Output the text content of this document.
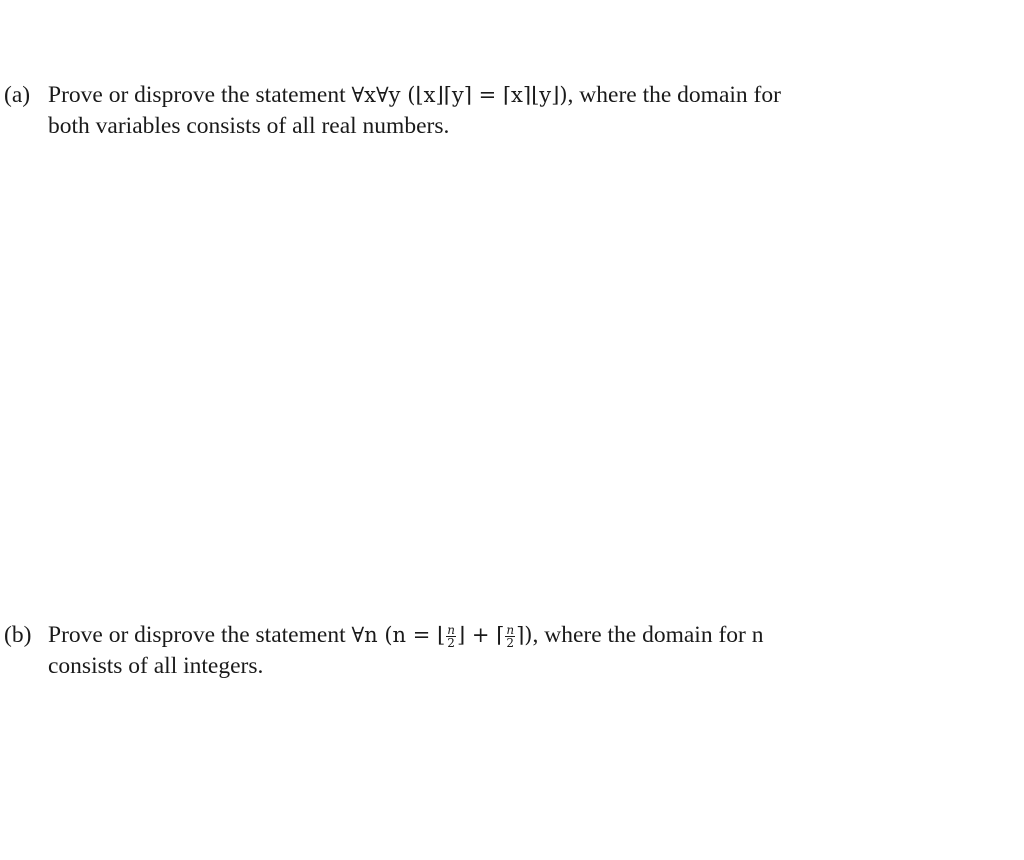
(a) Prove or disprove the statement ∀x∀y (⌊x⌋⌈y⌉ = ⌈x⌉⌊y⌋), where the domain for
both variables consists of all real numbers.
(b) Prove or disprove the statement ∀n (n = ⌊ $\frac{n}{2}$ ⌋ + ⌈ $\frac{n}{2}$ ⌉), where the domain for n
consists of all integers.
